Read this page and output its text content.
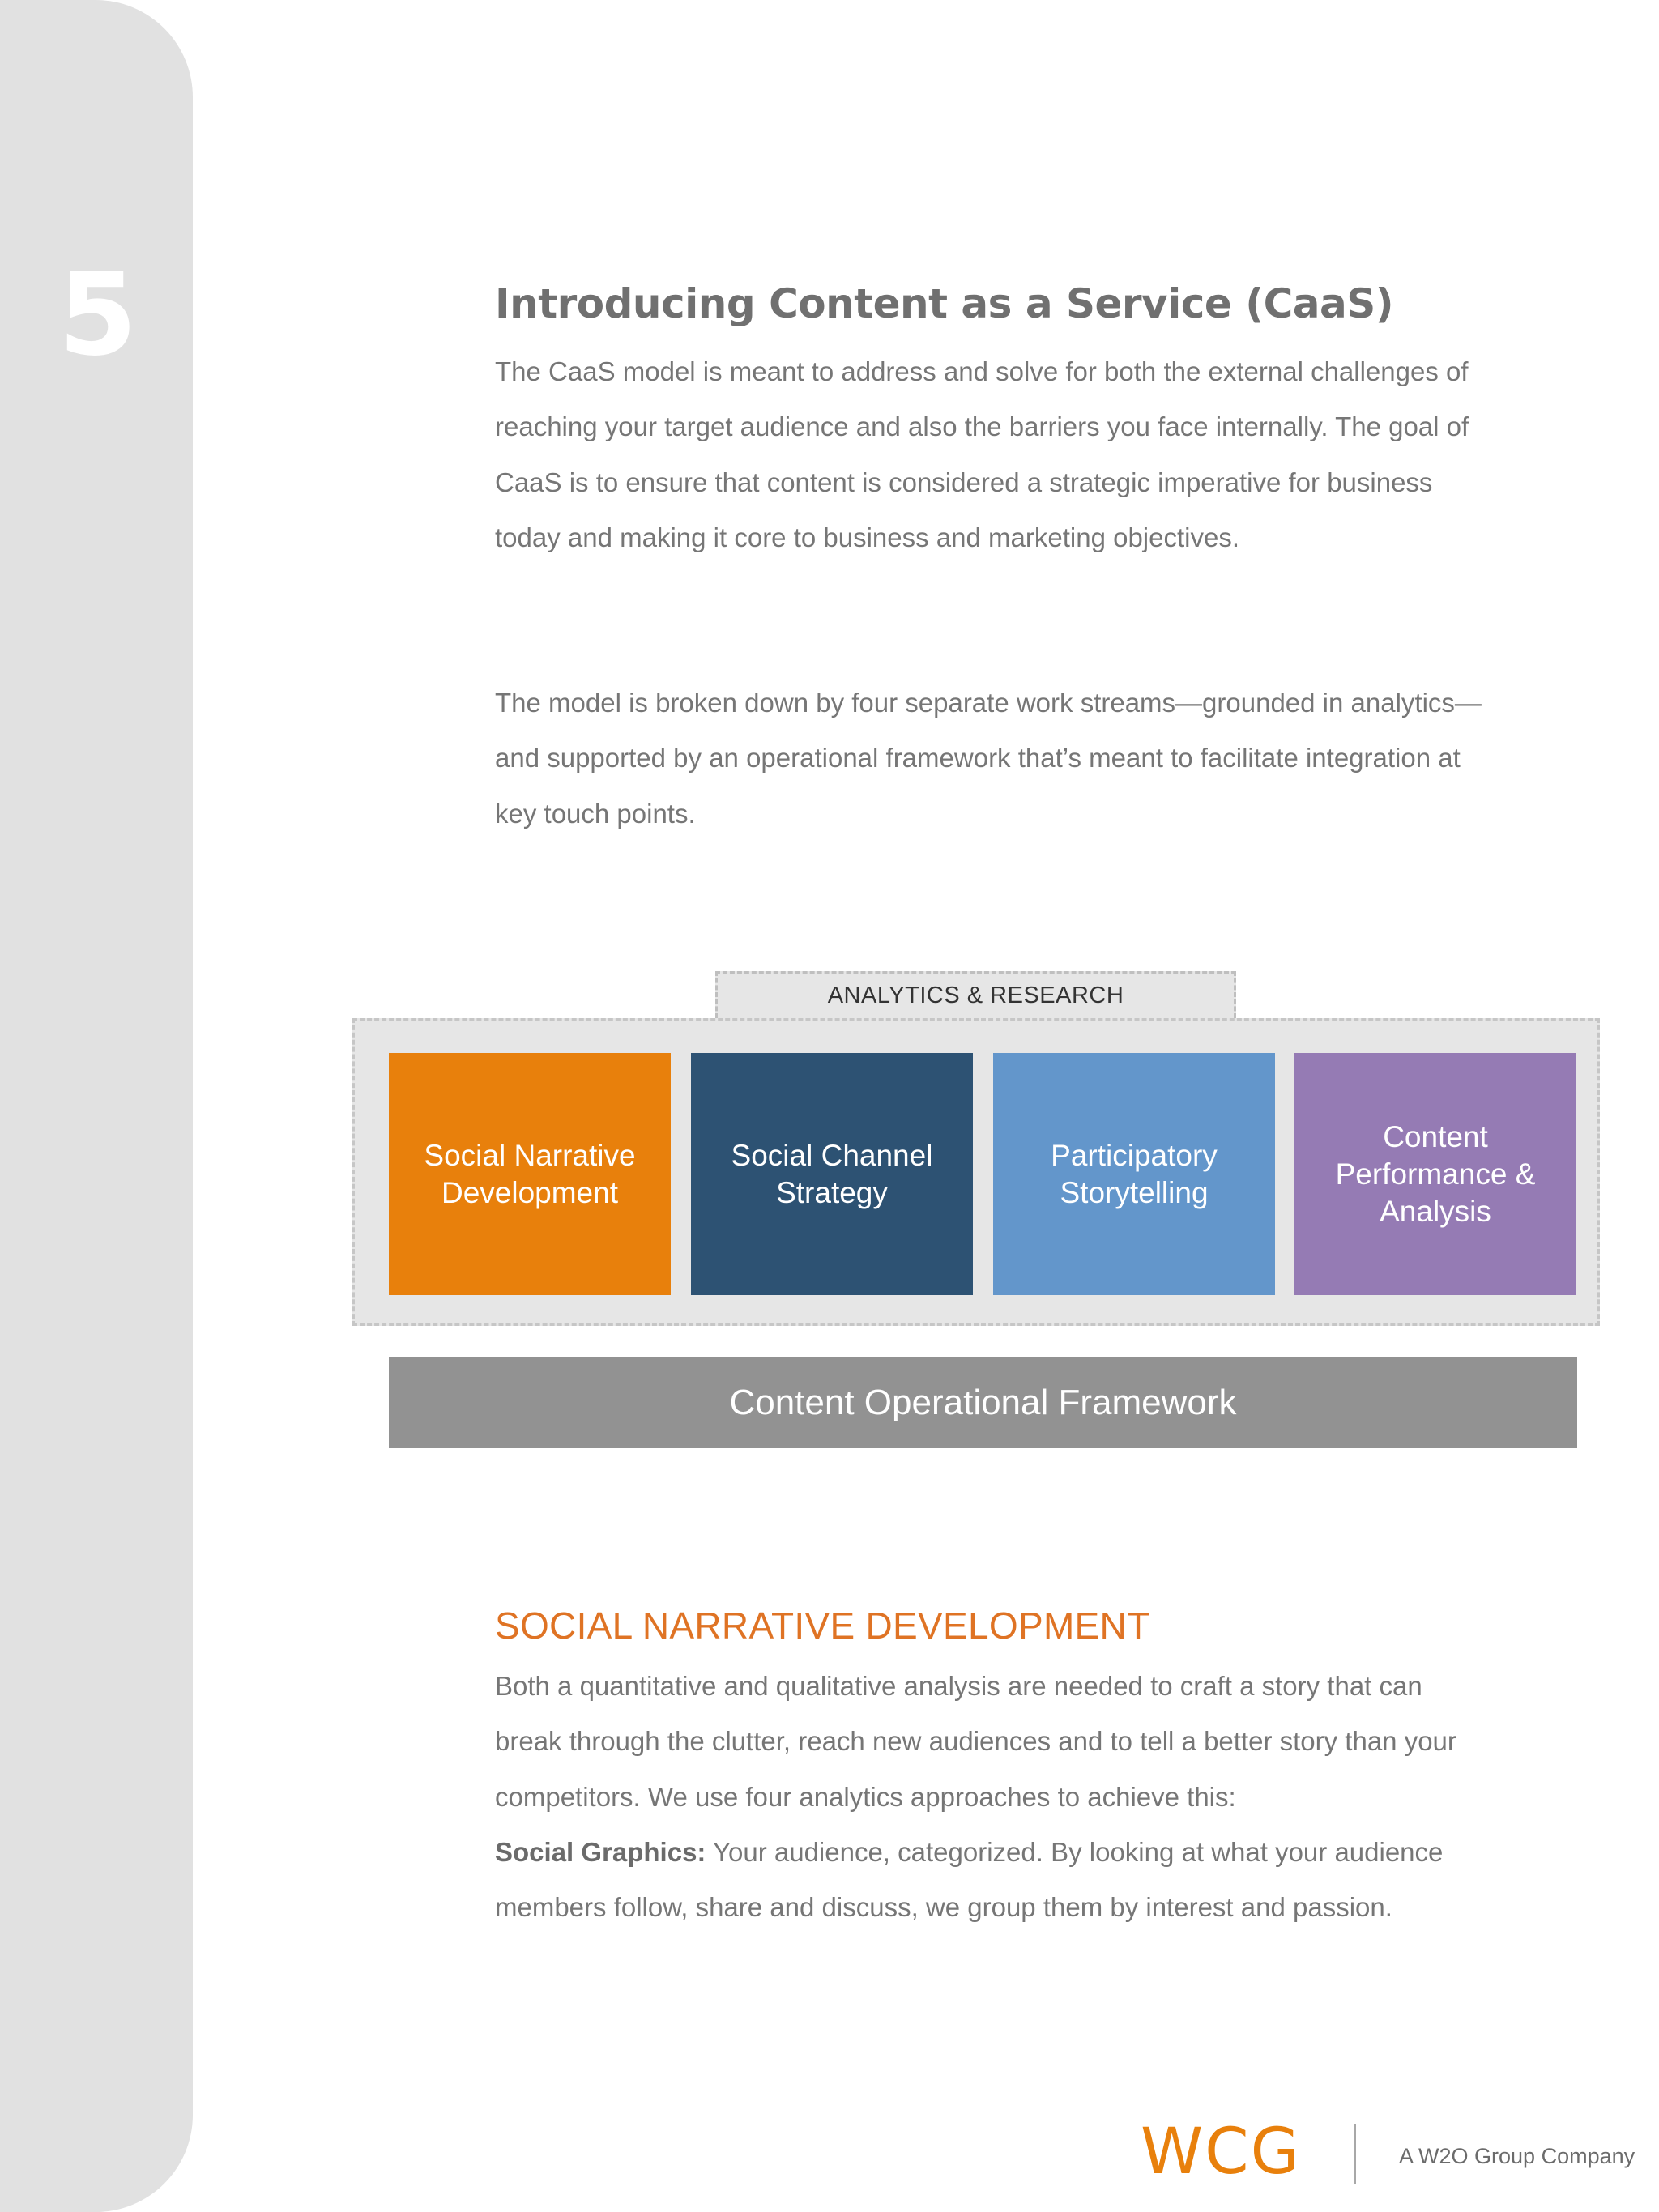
5	Introducing Content as a Service (CaaS)

The CaaS model is meant to address and solve for both the external challenges of reaching your target audience and also the barriers you face internally. The goal of CaaS is to ensure that content is considered a strategic imperative for business today and making it core to business and marketing objectives.

The model is broken down by four separate work streams—grounded in analytics—and supported by an operational framework that’s meant to facilitate integration at key touch points.

ANALYTICS & RESEARCH
Social Narrative Development
Social Channel Strategy
Participatory Storytelling
Content Performance & Analysis
Content Operational Framework
SOCIAL NARRATIVE DEVELOPMENT

Both a quantitative and qualitative analysis are needed to craft a story that can break through the clutter, reach new audiences and to tell a better story than your competitors. We use four analytics approaches to achieve this:
Social Graphics: Your audience, categorized. By looking at what your audience members follow, share and discuss, we group them by interest and passion.

WCG	A W2O Group Company
